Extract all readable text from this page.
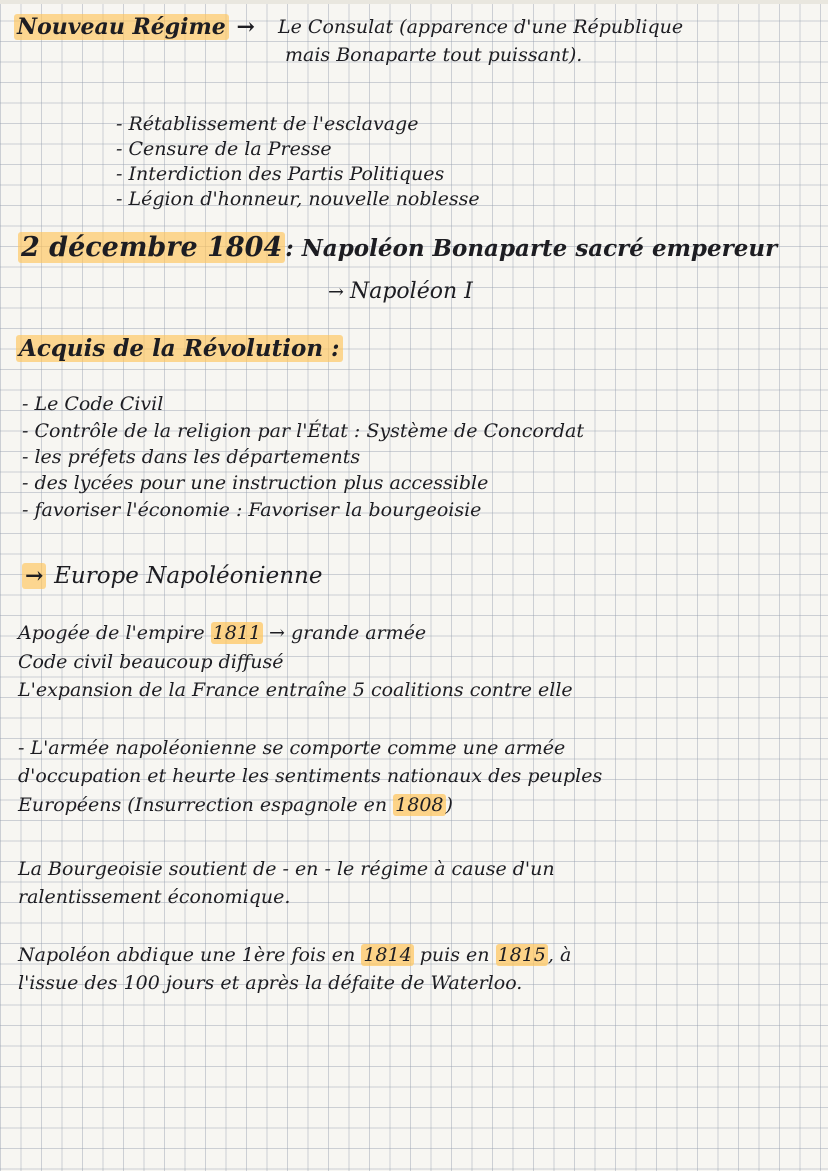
Nouveau Régime → Le Consulat (apparence d'une République
mais Bonaparte tout puissant).
- Rétablissement de l'esclavage
- Censure de la Presse
- Interdiction des Partis Politiques
- Légion d'honneur, nouvelle noblesse
2 décembre 1804 : Napoléon Bonaparte sacré empereur
→ Napoléon I
Acquis de la Révolution :
- Le Code Civil
- Contrôle de la religion par l'État : Système de Concordat
- les préfets dans les départements
- des lycées pour une instruction plus accessible
- favoriser l'économie : Favoriser la bourgeoisie
→ Europe Napoléonienne
Apogée de l'empire 1811 → grande armée
Code civil beaucoup diffusé
L'expansion de la France entraîne 5 coalitions contre elle
- L'armée napoléonienne se comporte comme une armée
d'occupation et heurte les sentiments nationaux des peuples
Européens (Insurrection espagnole en 1808 )
La Bourgeoisie soutient de - en - le régime à cause d'un
ralentissement économique.
Napoléon abdique une 1ère fois en 1814 puis en 1815 , à
l'issue des 100 jours et après la défaite de Waterloo.
